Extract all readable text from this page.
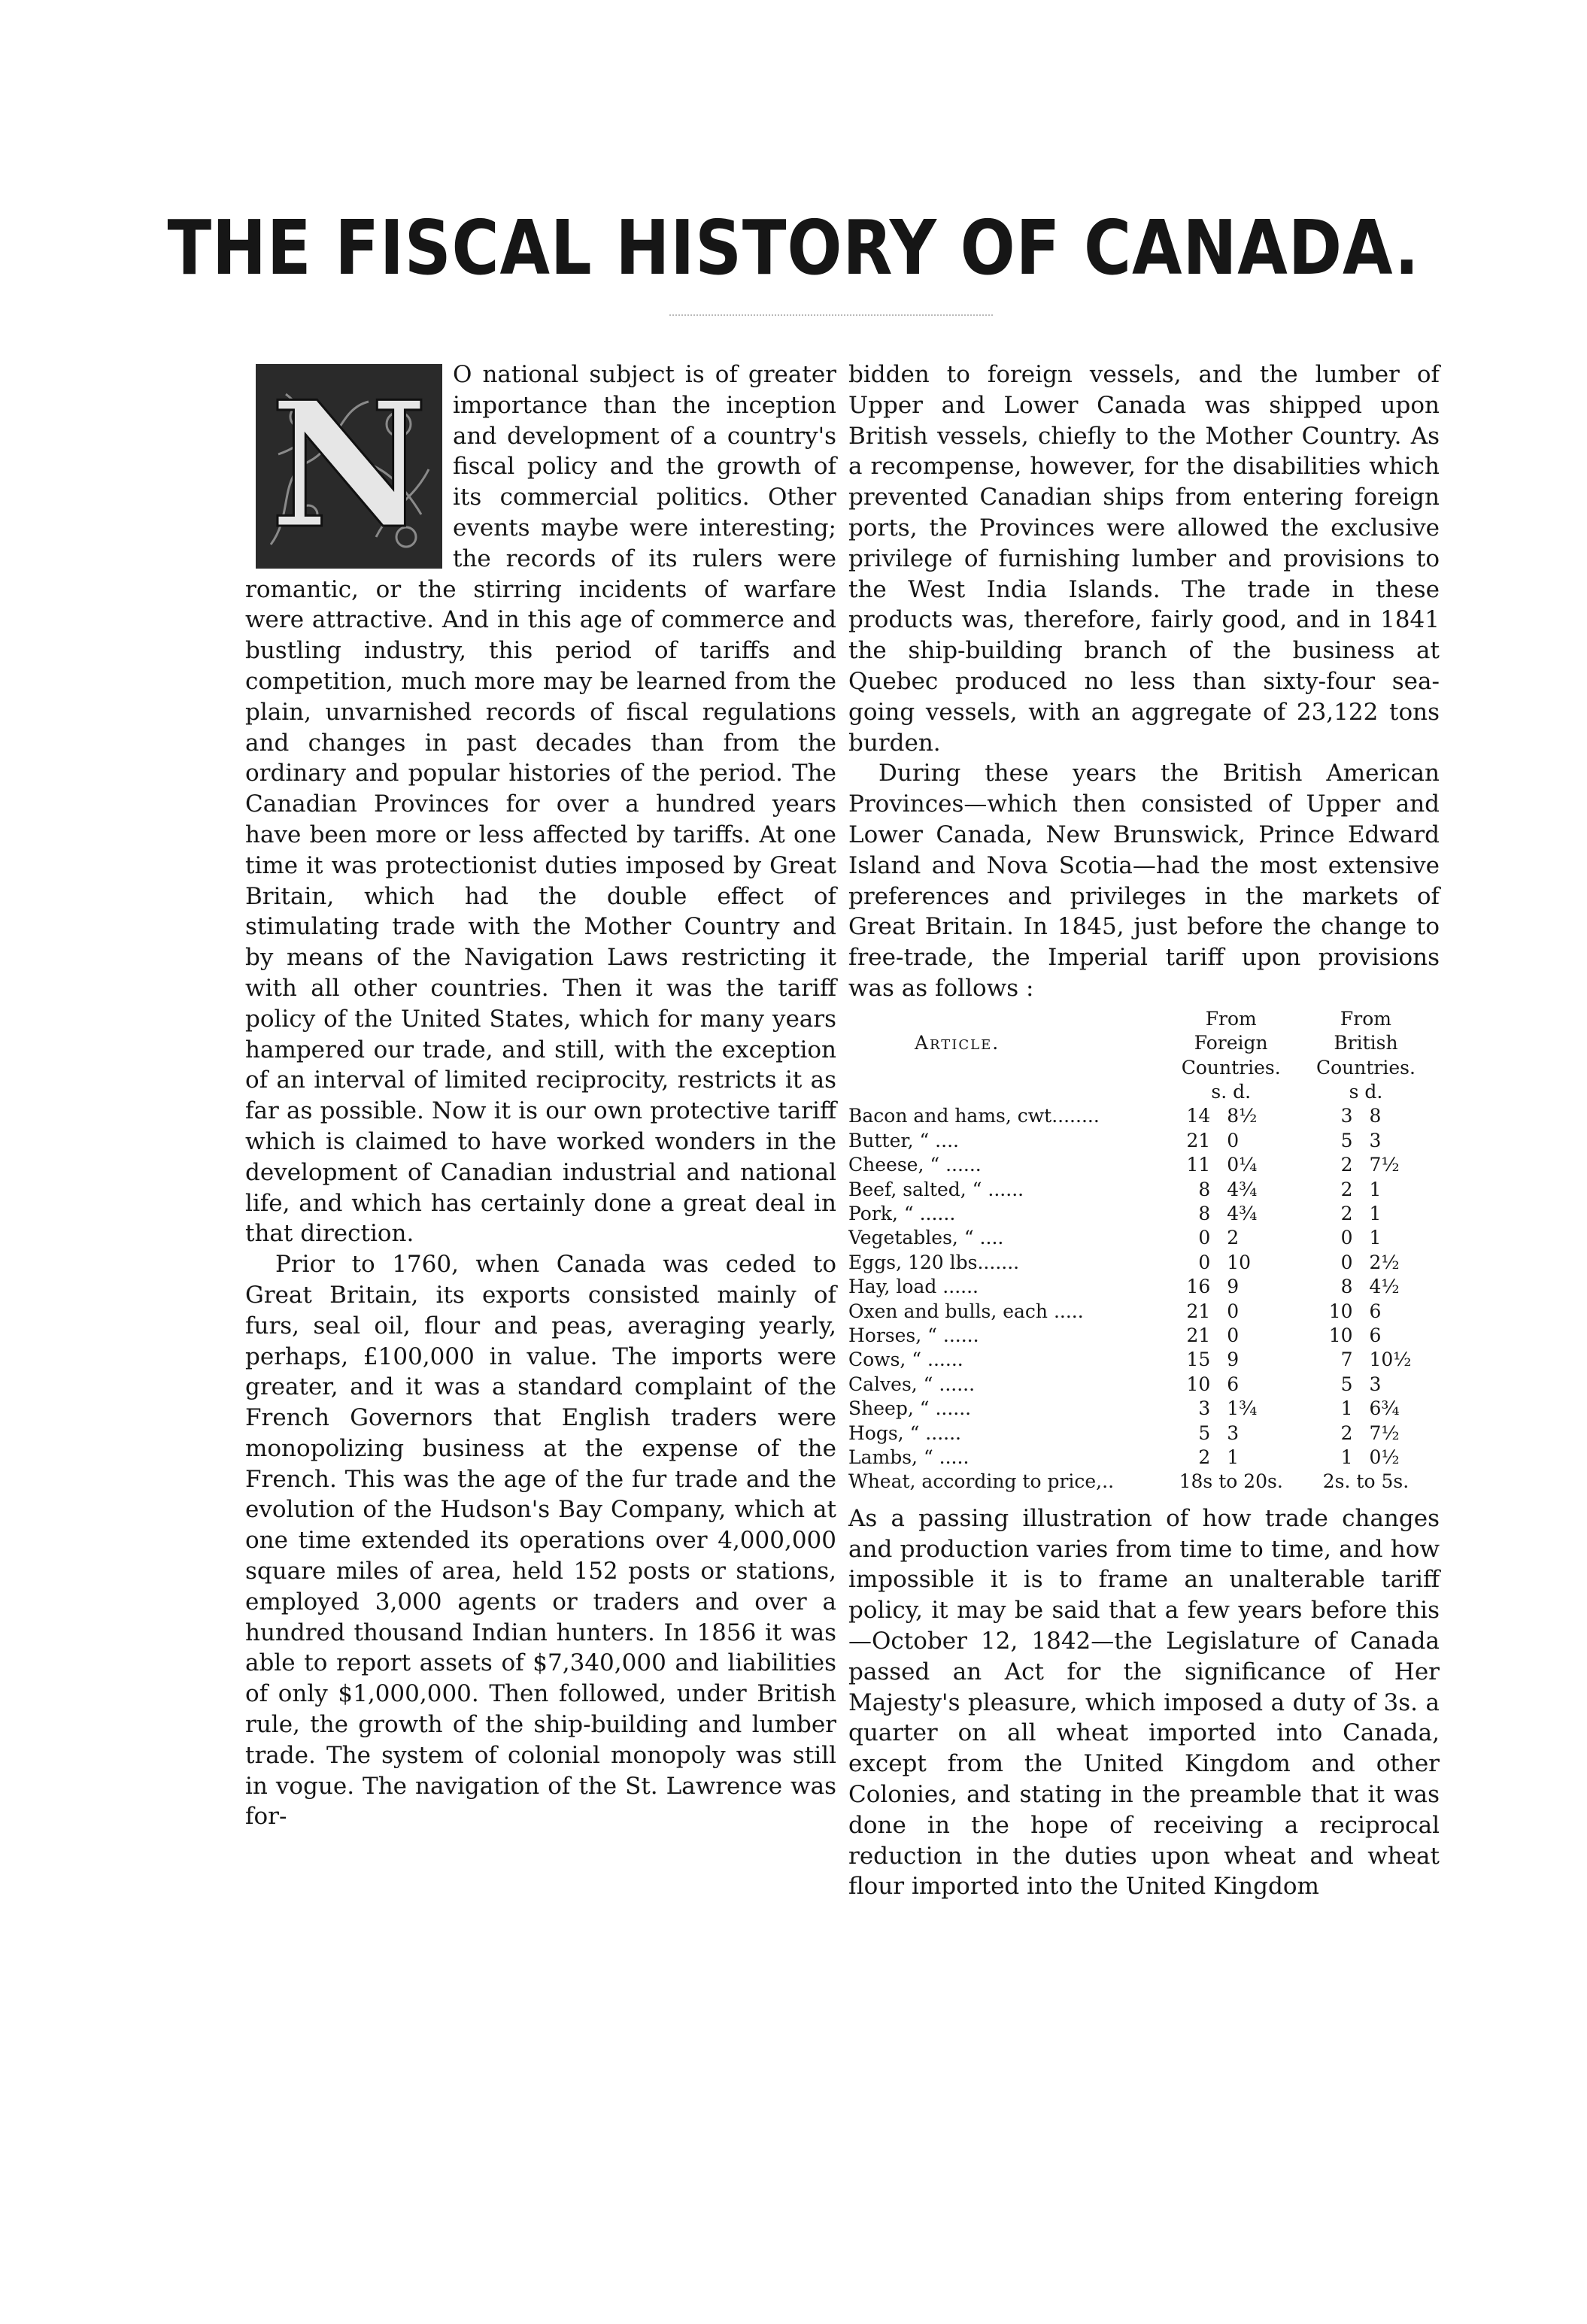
THE FISCAL HISTORY OF CANADA.
N	O national subject is of greater importance than the inception and development of a country's fiscal policy and the growth of its commercial politics. Other events maybe were interesting; the records of its rulers were romantic, or the stirring incidents of warfare were attractive. And in this age of commerce and bustling industry, this period of tariffs and competition, much more may be learned from the plain, unvarnished records of fiscal regulations and changes in past decades than from the ordinary and popular histories of the period. The Canadian Provinces for over a hundred years have been more or less affected by tariffs. At one time it was protectionist duties imposed by Great Britain, which had the double effect of stimulating trade with the Mother Country and by means of the Navigation Laws restricting it with all other countries. Then it was the tariff policy of the United States, which for many years hampered our trade, and still, with the exception of an interval of limited reciprocity, restricts it as far as possible. Now it is our own protective tariff which is claimed to have worked wonders in the development of Canadian industrial and national life, and which has certainly done a great deal in that direction.

Prior to 1760, when Canada was ceded to Great Britain, its exports consisted mainly of furs, seal oil, flour and peas, averaging yearly, perhaps, £100,000 in value. The imports were greater, and it was a standard complaint of the French Governors that English traders were monopolizing business at the expense of the French. This was the age of the fur trade and the evolution of the Hudson's Bay Company, which at one time extended its operations over 4,000,000 square miles of area, held 152 posts or stations, employed 3,000 agents or traders and over a hundred thousand Indian hunters. In 1856 it was able to report assets of $7,340,000 and liabilities of only $1,000,000. Then followed, under British rule, the growth of the ship-building and lumber trade. The system of colonial monopoly was still in vogue. The navigation of the St. Lawrence was for-

bidden to foreign vessels, and the lumber of Upper and Lower Canada was shipped upon British vessels, chiefly to the Mother Country. As a recompense, however, for the disabilities which prevented Canadian ships from entering foreign ports, the Provinces were allowed the exclusive privilege of furnishing lumber and provisions to the West India Islands. The trade in these products was, therefore, fairly good, and in 1841 the ship-building branch of the business at Quebec produced no less than sixty-four sea-going vessels, with an aggregate of 23,122 tons burden.

During these years the British American Provinces—which then consisted of Upper and Lower Canada, New Brunswick, Prince Edward Island and Nova Scotia—had the most extensive preferences and privileges in the markets of Great Britain. In 1845, just before the change to free-trade, the Imperial tariff upon provisions was as follows :

	From		From	
Article.	Foreign		British	
	Countries.		Countries.	
	s. d.		s d.	
Bacon and hams, cwt........	14	8½	3	8
Butter, “ ....	21	0	5	3
Cheese, “ ......	11	0¼	2	7½
Beef, salted, “ ......	8	4¾	2	1
Pork, “ ......	8	4¾	2	1
Vegetables, “ ....	0	2	0	1
Eggs, 120 lbs.......	0	10	0	2½
Hay, load ......	16	9	8	4½
Oxen and bulls, each .....	21	0	10	6
Horses, “ ......	21	0	10	6
Cows, “ ......	15	9	7	10½
Calves, “ ......	10	6	5	3
Sheep, “ ......	3	1¾	1	6¾
Hogs, “ ......	5	3	2	7½
Lambs, “ .....	2	1	1	0½
Wheat, according to price,..	18s to 20s.		2s. to 5s.	

As a passing illustration of how trade changes and production varies from time to time, and how impossible it is to frame an unalterable tariff policy, it may be said that a few years before this—October 12, 1842—the Legislature of Canada passed an Act for the significance of Her Majesty's pleasure, which imposed a duty of 3s. a quarter on all wheat imported into Canada, except from the United Kingdom and other Colonies, and stating in the preamble that it was done in the hope of receiving a reciprocal reduction in the duties upon wheat and wheat flour imported into the United Kingdom
